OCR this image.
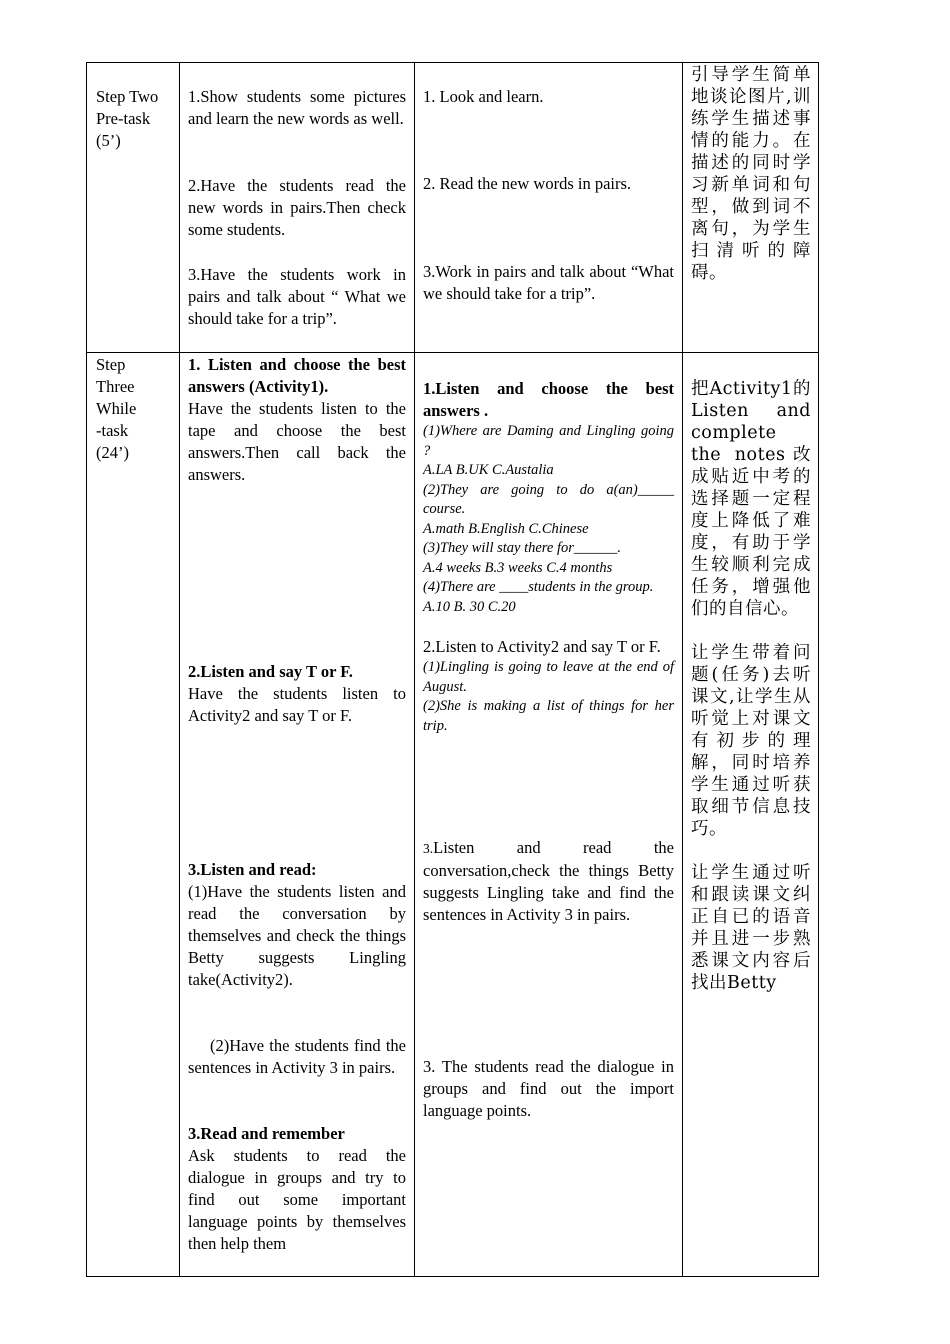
Step Two

Pre-task

(5’)

1.Show students some pictures and learn the new words as well.

2.Have the students read the new words in pairs.Then check some students.

3.Have the students work in pairs and talk about “ What we should take for a trip”.

1. Look and learn.

2. Read the new words in pairs.

3.Work in pairs and talk about “What we should take for a trip”.

引导学生简单地谈论图片,训练学生描述事情的能力。在描述的同时学习新单词和句型，做到词不离句，为学生扫清听的障碍。

Step

Three

While

-task

(24’)

1. Listen and choose the best answers (Activity1).

Have the students listen to the tape and choose the best answers.Then call back the answers.

2.Listen and say T or F.

Have the students listen to Activity2 and say T or F.

3.Listen and read:

(1)Have the students listen and read the conversation by themselves and check the things Betty suggests Lingling take(Activity2).

(2)Have the students find the sentences in Activity 3 in pairs.

3.Read and remember

Ask students to read the dialogue in groups and try to find out some important language points by themselves then help them

1.Listen and choose the best answers .

(1)Where are Daming and Lingling going ?

A.LA B.UK C.Austalia

(2)They are going to do a(an)_____ course.

A.math B.English C.Chinese

(3)They will stay there for______.

A.4 weeks B.3 weeks C.4 months

(4)There are ____students in the group.

A.10 B. 30 C.20

2.Listen to Activity2 and say T or F.

(1)Lingling is going to leave at the end of August.

(2)She is making a list of things for her trip.

3.Listen and read the conversation,check the things Betty suggests Lingling take and find the sentences in Activity 3 in pairs.

3. The students read the dialogue in groups and find out the import language points.

把Activity1的Listen and complete the notes改成贴近中考的选择题一定程度上降低了难度，有助于学生较顺利完成任务，增强他们的自信心。

让学生带着问题(任务)去听课文,让学生从听觉上对课文有初步的理解，同时培养学生通过听获取细节信息技巧。

让学生通过听和跟读课文纠正自已的语音并且进一步熟悉课文内容后找出Betty
